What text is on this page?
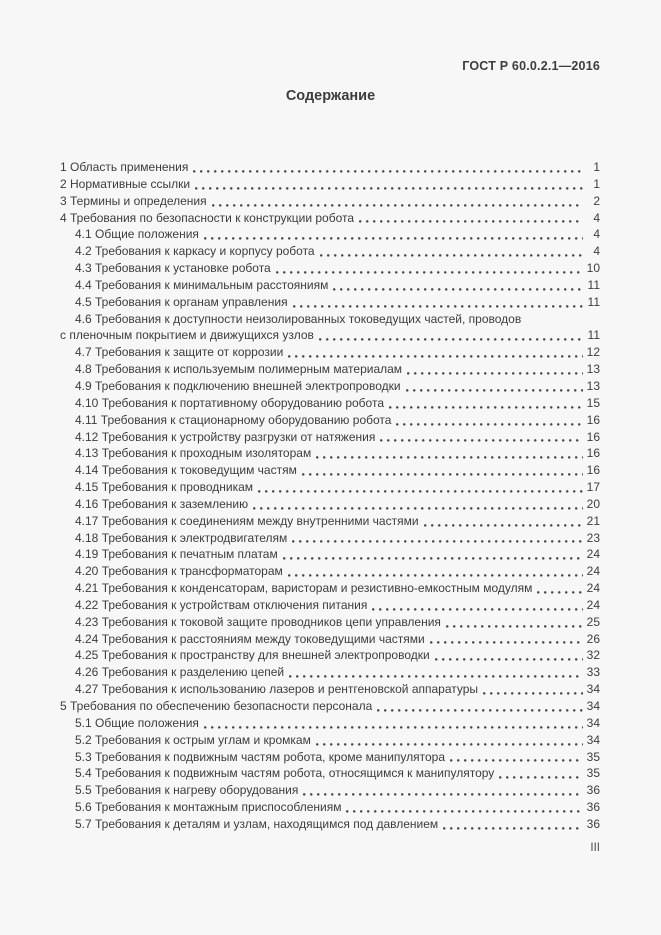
ГОСТ Р 60.0.2.1—2016
Содержание
1 Область применения	1
2 Нормативные ссылки	1
3 Термины и определения	2
4 Требования по безопасности к конструкции робота	4
4.1 Общие положения	4
4.2 Требования к каркасу и корпусу робота	4
4.3 Требования к установке робота	10
4.4 Требования к минимальным расстояниям	11
4.5 Требования к органам управления	11
4.6 Требования к доступности неизолированных токоведущих частей, проводов
с пленочным покрытием и движущихся узлов	11
4.7 Требования к защите от коррозии	12
4.8 Требования к используемым полимерным материалам	13
4.9 Требования к подключению внешней электропроводки	13
4.10 Требования к портативному оборудованию робота	15
4.11 Требования к стационарному оборудованию робота	16
4.12 Требования к устройству разгрузки от натяжения	16
4.13 Требования к проходным изоляторам	16
4.14 Требования к токоведущим частям	16
4.15 Требования к проводникам	17
4.16 Требования к заземлению	20
4.17 Требования к соединениям между внутренними частями	21
4.18 Требования к электродвигателям	23
4.19 Требования к печатным платам	24
4.20 Требования к трансформаторам	24
4.21 Требования к конденсаторам, варисторам и резистивно-емкостным модулям	24
4.22 Требования к устройствам отключения питания	24
4.23 Требования к токовой защите проводников цепи управления	25
4.24 Требования к расстояниям между токоведущими частями	26
4.25 Требования к пространству для внешней электропроводки	32
4.26 Требования к разделению цепей	33
4.27 Требования к использованию лазеров и рентгеновской аппаратуры	34
5 Требования по обеспечению безопасности персонала	34
5.1 Общие положения	34
5.2 Требования к острым углам и кромкам	34
5.3 Требования к подвижным частям робота, кроме манипулятора	35
5.4 Требования к подвижным частям робота, относящимся к манипулятору	35
5.5 Требования к нагреву оборудования	36
5.6 Требования к монтажным приспособлениям	36
5.7 Требования к деталям и узлам, находящимся под давлением	36
III
